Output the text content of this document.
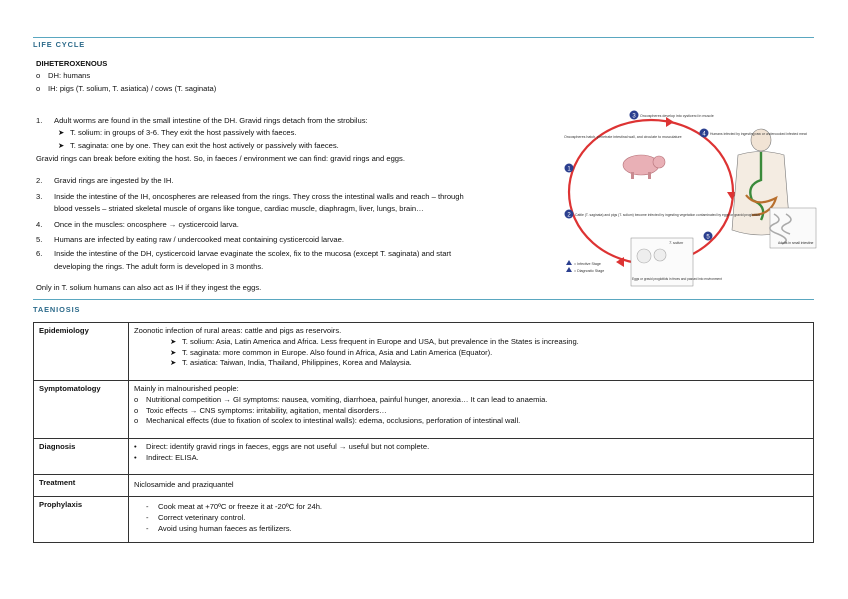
LIFE CYCLE
DIHETEROXENOUS
o DH: humans
o IH: pigs (T. solium, T. asiatica) / cows (T. saginata)
1. Adult worms are found in the small intestine of the DH. Gravid rings detach from the strobilus:
➤ T. solium: in groups of 3-6. They exit the host passively with faeces.
➤ T. saginata: one by one. They can exit the host actively or passively with faeces.
Gravid rings can break before exiting the host. So, in faeces / environment we can find: gravid rings and eggs.
2. Gravid rings are ingested by the IH.
3. Inside the intestine of the IH, oncospheres are released from the rings. They cross the intestinal walls and reach – through
blood vessels – striated skeletal muscle of organs like tongue, cardiac muscle, diaphragm, liver, lungs, brain…
4. Once in the muscles: oncosphere → cysticercoid larva.
5. Humans are infected by eating raw / undercooked meat containing cysticercoid larvae.
6. Inside the intestine of the DH, cysticercoid larvae evaginate the scolex, fix to the mucosa (except T. saginata) and start
developing the rings. The adult form is developed in 3 months.
Only in T. solium humans can also act as IH if they ingest the eggs.
1
4
5
2
3 Oncospheres develop into cysticerci in muscle
Oncospheres hatch, penetrate intestinal wall, and circulate to musculature
Humans infected by ingesting raw or undercooked infected meat
Cattle (T. saginata) and pigs (T. solium) become infected by ingesting vegetation contaminated by eggs or gravid proglottids
Eggs or gravid proglottids in feces and passed into environment
Adults in small intestine
T. solium
= Infective Stage
= Diagnostic Stage
TAENIOSIS
Epidemiology	Zoonotic infection of rural areas: cattle and pigs as reservoirs.
➤ T. solium: Asia, Latin America and Africa. Less frequent in Europe and USA, but prevalence in the States is increasing.
➤ T. saginata: more common in Europe. Also found in Africa, Asia and Latin America (Equator).
➤ T. asiatica: Taiwan, India, Thailand, Philippines, Korea and Malaysia.

Symptomatology	Mainly in malnourished people:
o Nutritional competition → GI symptoms: nausea, vomiting, diarrhoea, painful hunger, anorexia… It can lead to anaemia.
o Toxic effects → CNS symptoms: irritability, agitation, mental disorders…
o Mechanical effects (due to fixation of scolex to intestinal walls): edema, occlusions, perforation of intestinal wall.

Diagnosis	• Direct: identify gravid rings in faeces, eggs are not useful → useful but not complete.
• Indirect: ELISA.

Treatment	Niclosamide and praziquantel

Prophylaxis	- Cook meat at +70ºC or freeze it at -20ºC for 24h.
- Correct veterinary control.
- Avoid using human faeces as fertilizers.
